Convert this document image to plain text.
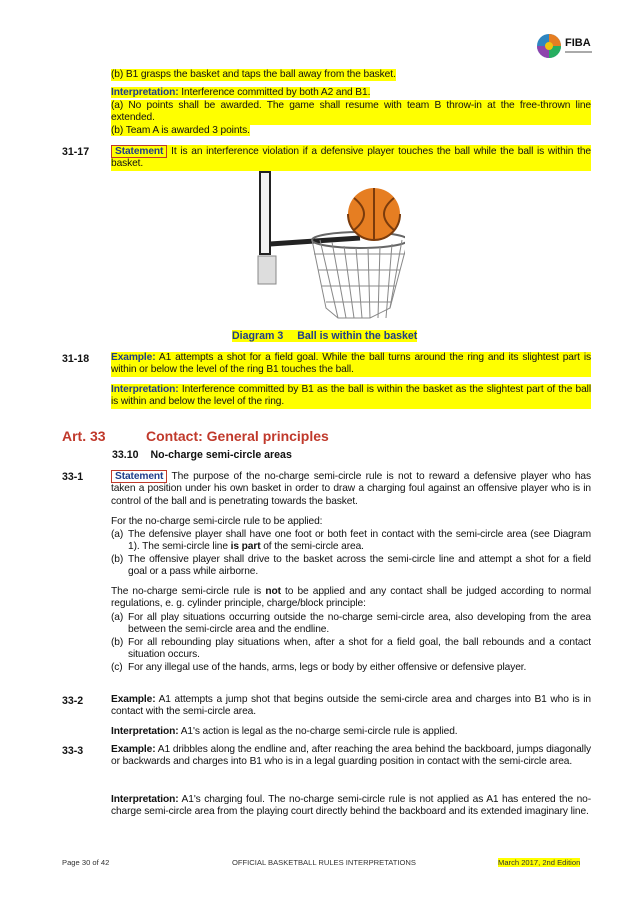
FIBA
(b) B1 grasps the basket and taps the ball away from the basket.
Interpretation: Interference committed by both A2 and B1.
(a) No points shall be awarded. The game shall resume with team B throw-in at the free-thrown line extended.
(b) Team A is awarded 3 points.
31-17	Statement It is an interference violation if a defensive player touches the ball while the ball is within the basket.
Diagram 3 Ball is within the basket
31-18 Example: A1 attempts a shot for a field goal. While the ball turns around the ring and its slightest part is within or below the level of the ring B1 touches the ball.
Interpretation: Interference committed by B1 as the ball is within the basket as the slightest part of the ball is within and below the level of the ring.
Art. 33	Contact: General principles
33.10 No-charge semi-circle areas
33-1	Statement The purpose of the no-charge semi-circle rule is not to reward a defensive player who has taken a position under his own basket in order to draw a charging foul against an offensive player who is in control of the ball and is penetrating towards the basket.
For the no-charge semi-circle rule to be applied:
(a) The defensive player shall have one foot or both feet in contact with the semi-circle area (see Diagram 1). The semi-circle line is part of the semi-circle area.
(b) The offensive player shall drive to the basket across the semi-circle line and attempt a shot for a field goal or a pass while airborne.
The no-charge semi-circle rule is not to be applied and any contact shall be judged according to normal regulations, e. g. cylinder principle, charge/block principle:
(a) For all play situations occurring outside the no-charge semi-circle area, also developing from the area between the semi-circle area and the endline.
(b) For all rebounding play situations when, after a shot for a field goal, the ball rebounds and a contact situation occurs.
(c) For any illegal use of the hands, arms, legs or body by either offensive or defensive player.
33-2	Example: A1 attempts a jump shot that begins outside the semi-circle area and charges into B1 who is in contact with the semi-circle area.
Interpretation: A1's action is legal as the no-charge semi-circle rule is applied.
33-3	Example: A1 dribbles along the endline and, after reaching the area behind the backboard, jumps diagonally or backwards and charges into B1 who is in a legal guarding position in contact with the semi-circle area.
Interpretation: A1's charging foul. The no-charge semi-circle rule is not applied as A1 has entered the no-charge semi-circle area from the playing court directly behind the backboard and its extended imaginary line.
Page 30 of 42	OFFICIAL BASKETBALL RULES INTERPRETATIONS	March 2017, 2nd Edition
